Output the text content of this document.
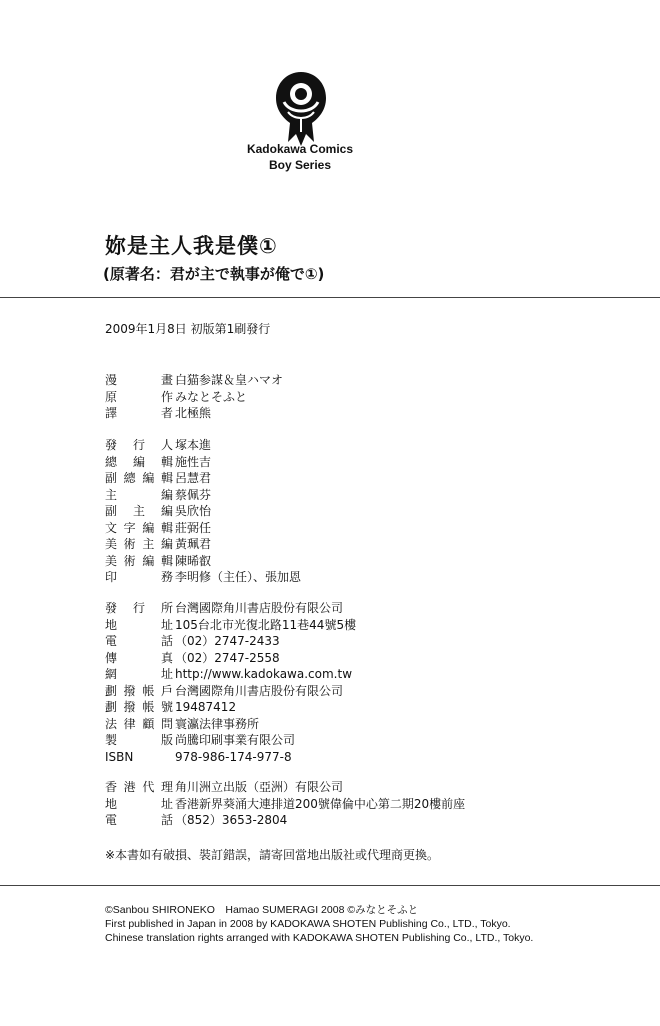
Kadokawa Comics
Boy Series
妳是主人我是僕①
(原著名：君が主で執事が俺で①)
2009年1月8日 初版第1刷發行
漫　畫 白猫参謀＆皇ハマオ
原　作 みなとそふと
譯　者 北極熊
發行人 塚本進
總編輯 施性吉
副總編輯 呂慧君
主　編 蔡佩芬
副主編 吳欣怡
文字編輯 莊弼任
美術主編 黃珮君
美術編輯 陳晞叡
印　務 李明修（主任）、張加恩
發行所 台灣國際角川書店股份有限公司
地　址 105台北市光復北路11巷44號5樓
電　話 （02）2747-2433
傳　真 （02）2747-2558
網　址 http://www.kadokawa.com.tw
劃撥帳戶 台灣國際角川書店股份有限公司
劃撥帳號 19487412
法律顧問 寰瀛法律事務所
製　版 尚騰印刷事業有限公司
ISBN	978-986-174-977-8
香港代理 角川洲立出版（亞洲）有限公司
地　址 香港新界葵涌大連排道200號偉倫中心第二期20樓前座
電　話 （852）3653-2804
※本書如有破損、裝訂錯誤，請寄回當地出版社或代理商更換。
©Sanbou SHIRONEKO　Hamao SUMERAGI 2008 ©みなとそふと
First published in Japan in 2008 by KADOKAWA SHOTEN Publishing Co., LTD., Tokyo.
Chinese translation rights arranged with KADOKAWA SHOTEN Publishing Co., LTD., Tokyo.
